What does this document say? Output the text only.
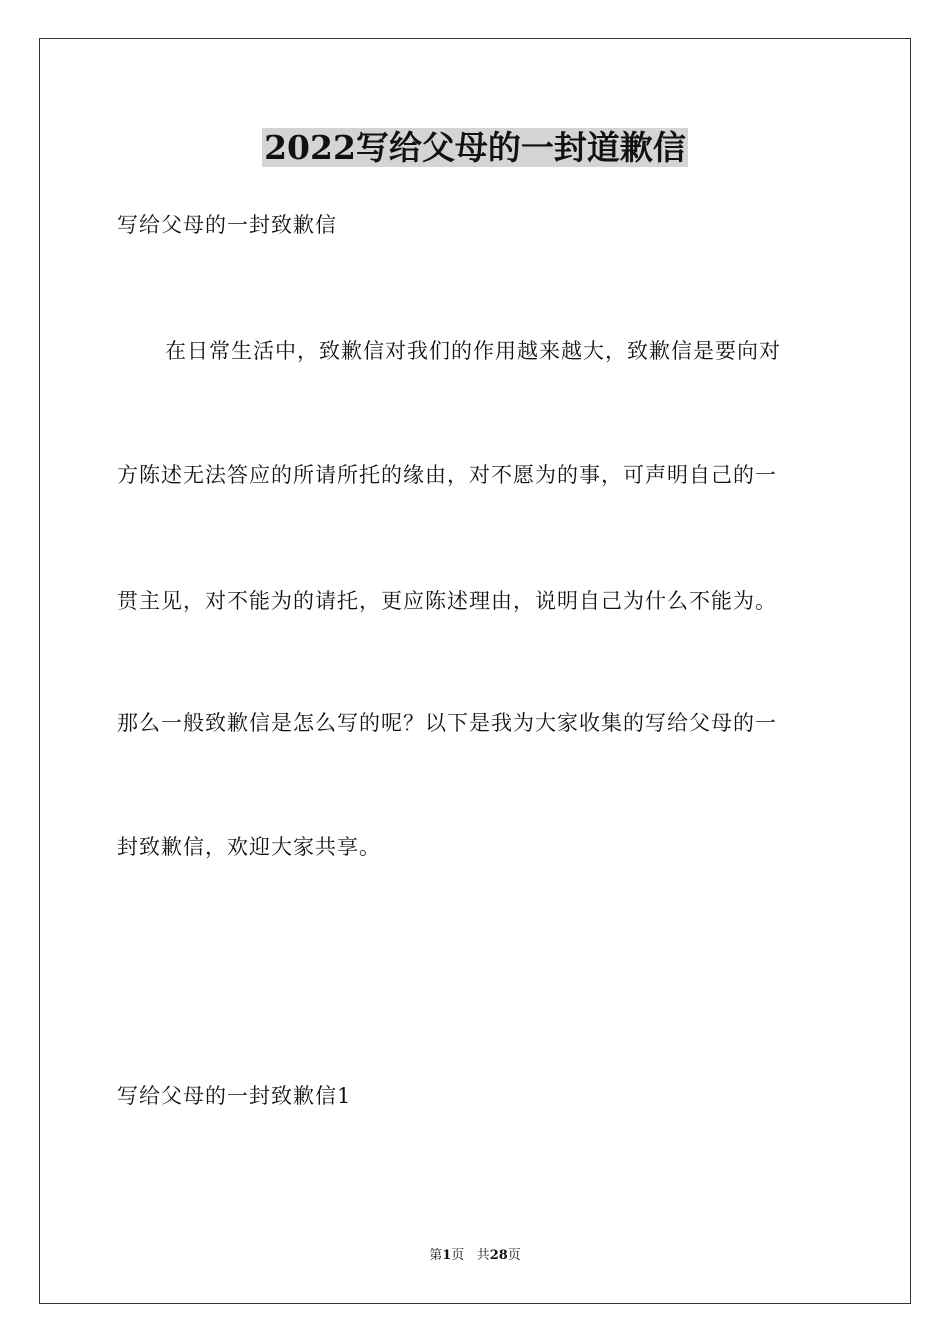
2022写给父母的一封道歉信
写给父母的一封致歉信
在日常生活中，致歉信对我们的作用越来越大，致歉信是要向对
方陈述无法答应的所请所托的缘由，对不愿为的事，可声明自己的一
贯主见，对不能为的请托，更应陈述理由，说明自己为什么不能为。
那么一般致歉信是怎么写的呢？以下是我为大家收集的写给父母的一
封致歉信，欢迎大家共享。
写给父母的一封致歉信1
第1页 共28页
